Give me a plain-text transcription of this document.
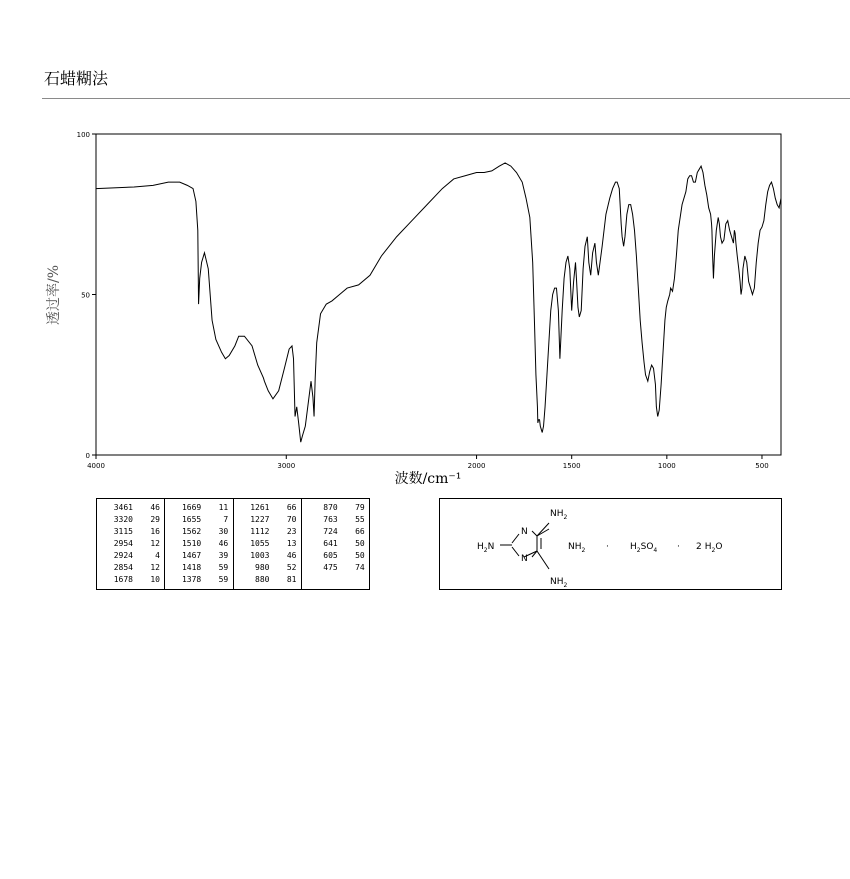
石蜡糊法
4000	3000	2000	1500	1000	500
0
50
100
波数/cm⁻¹
透过率/%
3461	46
3320	29
3115	16
2954	12
2924	4
2854	12
1678	10
1669	11
1655	7
1562	30
1510	46
1467	39
1418	59
1378	59
1261	66
1227	70
1112	23
1055	13
1003	46
980	52
880	81
870	79
763	55
724	66
641	50
605	50
475	74
N
N
$NH_2$
$H_2N$	$NH_2$
$NH_2$
· $H_2SO_4 \cdot 2$ $H_2O$
